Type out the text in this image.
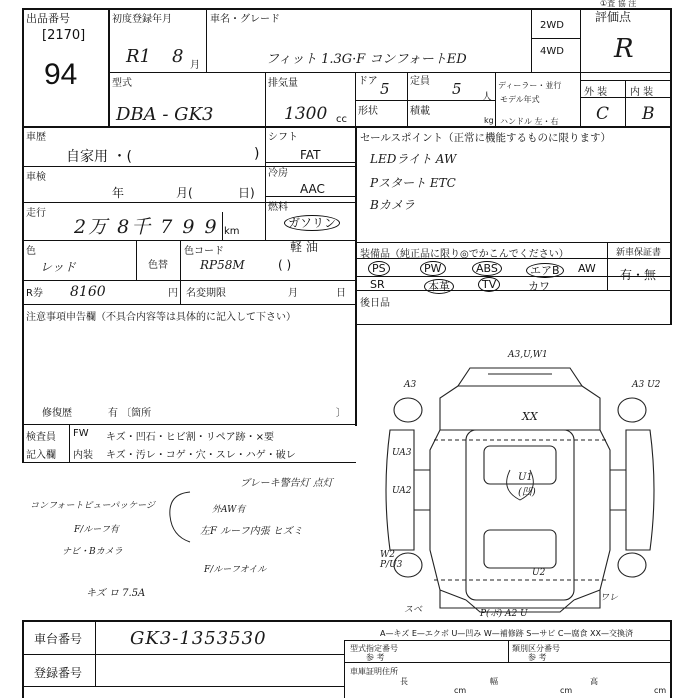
出品番号
[2170]
94
初度登録年月
R1 8 月
車名・グレード
フィット 1.3G·F コンフォートED
2WD
4WD
評価点
①査 協 注
R
型式
DBA - GK3
排気量
1300 cc
ドア 5 定員 5 人
形状	積載
kg
ディーラー・並行
モデル年式
ハンドル 左・右
外 装 内 装
C B
車歴
自家用 ・(	)
シフト
FAT
冷房
AAC
燃料
ガソリン
軽 油
( )
車検
年	月(	日)
走行
2万 8千 7 9 9 km
色
レッド	色替
色コード
RP58M
R券 8160	円 名変期限	月	日
注意事項申告欄（不具合内容等は具体的に記入して下さい）
修復歴	有 〔箇所	〕
検査員
記入欄
FW キズ・凹石・ヒビ割・リペア跡・×要
内装 キズ・汚レ・コゲ・穴・スレ・ハゲ・破レ
ブレーキ警告灯 点灯
コンフォートビューパッケージ
F/ルーフ有
ナビ・Bカメラ
外AW有
左F ルーフ内張 ヒズミ
F/ルーフオイル
キズ ロ 7.5A
セールスポイント（正常に機能するものに限ります）
LEDライト AW
Pスタート ETC
Bカメラ
装備品（純正品に限り◎でかこんでください）	新車保証書
有・無
PS	PW	ABS	エアB	AW
SR	本革	TV	カワ
後日品
A3,U,W1
A3	A3 U2
XX
UA3
UA2
U1 (凹)
W2 P/U3
U2
P(ボ) A2 U
スベ
ワレ
車台番号	GK3-1353530
登録番号
A—キズ E—エクボ U—凹み W—補修跡 S—サビ C—腐食 XX—交換済
型式指定番号
参 考
類別区分番号
参 考
車庫証明住所
長
cm
幅
cm
高
cm
